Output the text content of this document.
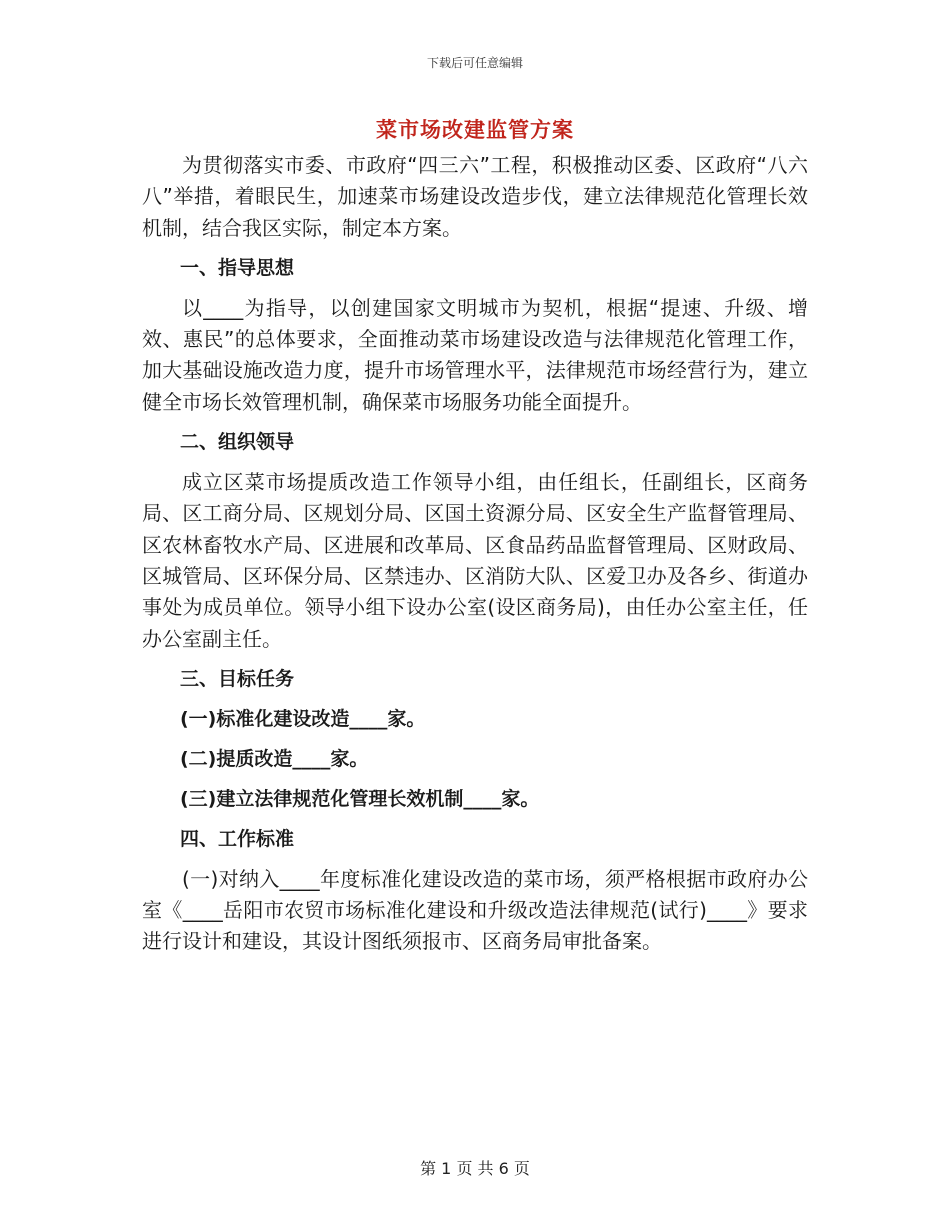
下载后可任意编辑
菜市场改建监管方案

为贯彻落实市委、市政府“四三六”工程，积极推动区委、区政府“八六八”举措，着眼民生，加速菜市场建设改造步伐，建立法律规范化管理长效机制，结合我区实际，制定本方案。

一、指导思想

以____为指导，以创建国家文明城市为契机，根据“提速、升级、增效、惠民”的总体要求，全面推动菜市场建设改造与法律规范化管理工作，加大基础设施改造力度，提升市场管理水平，法律规范市场经营行为，建立健全市场长效管理机制，确保菜市场服务功能全面提升。

二、组织领导

成立区菜市场提质改造工作领导小组，由任组长，任副组长，区商务局、区工商分局、区规划分局、区国土资源分局、区安全生产监督管理局、区农林畜牧水产局、区进展和改革局、区食品药品监督管理局、区财政局、区城管局、区环保分局、区禁违办、区消防大队、区爱卫办及各乡、街道办事处为成员单位。领导小组下设办公室(设区商务局)，由任办公室主任，任办公室副主任。

三、目标任务

(一)标准化建设改造____家。

(二)提质改造____家。

(三)建立法律规范化管理长效机制____家。

四、工作标准

(一)对纳入____年度标准化建设改造的菜市场，须严格根据市政府办公室《____岳阳市农贸市场标准化建设和升级改造法律规范(试行)____》要求进行设计和建设，其设计图纸须报市、区商务局审批备案。

第 1 页 共 6 页
